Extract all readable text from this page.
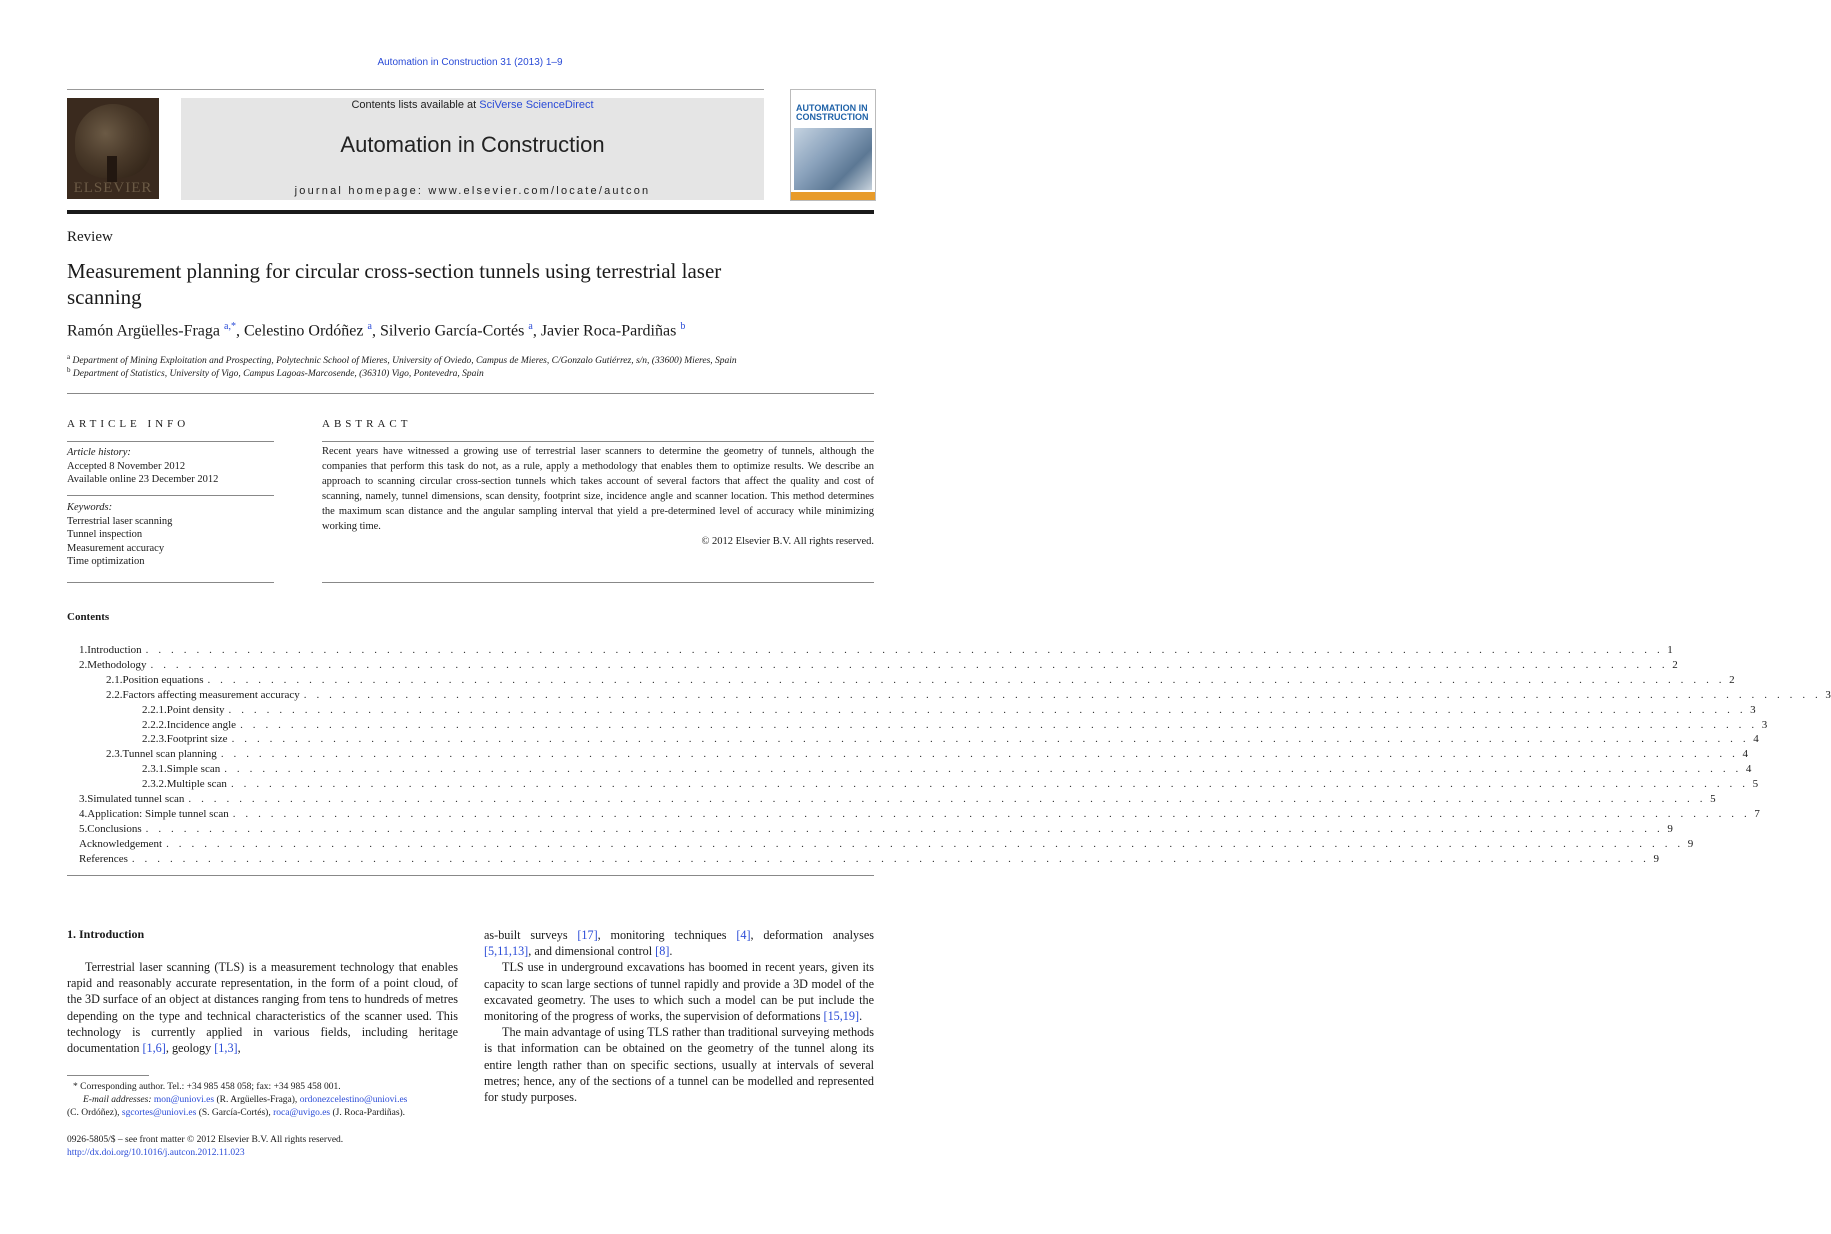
Automation in Construction 31 (2013) 1–9
ELSEVIER
Contents lists available at SciVerse ScienceDirect
Automation in Construction
journal homepage: www.elsevier.com/locate/autcon
AUTOMATION IN
CONSTRUCTION
Review
Measurement planning for circular cross-section tunnels using terrestrial laser scanning
Ramón Argüelles-Fraga $^{a,*}$, Celestino Ordóñez $^a$, Silverio García-Cortés $^a$, Javier Roca-Pardiñas $^b$
$^a$ Department of Mining Exploitation and Prospecting, Polytechnic School of Mieres, University of Oviedo, Campus de Mieres, C/Gonzalo Gutiérrez, s/n, (33600) Mieres, Spain
$^b$ Department of Statistics, University of Vigo, Campus Lagoas-Marcosende, (36310) Vigo, Pontevedra, Spain
ARTICLE INFO
Article history:
Accepted 8 November 2012
Available online 23 December 2012
Keywords:
Terrestrial laser scanning
Tunnel inspection
Measurement accuracy
Time optimization
ABSTRACT

Recent years have witnessed a growing use of terrestrial laser scanners to determine the geometry of tunnels, although the companies that perform this task do not, as a rule, apply a methodology that enables them to optimize results. We describe an approach to scanning circular cross-section tunnels which takes account of several factors that affect the quality and cost of scanning, namely, tunnel dimensions, scan density, footprint size, incidence angle and scanner location. This method determines the maximum scan distance and the angular sampling interval that yield a pre-determined level of accuracy while minimizing working time.

© 2012 Elsevier B.V. All rights reserved.

Contents
1. Introduction . . . . . . . . . . . . . . . . . . . . . . . . . . . . . . . . . . . . . . . . . . . . . . . . . . . . . . . . . . . . . . . . . . . . . . . . . . . . . . . . . . . . . . . . . . . . . . . . . . . . . . . . . . . . . . . . . . . . . . . . 1
2. Methodology . . . . . . . . . . . . . . . . . . . . . . . . . . . . . . . . . . . . . . . . . . . . . . . . . . . . . . . . . . . . . . . . . . . . . . . . . . . . . . . . . . . . . . . . . . . . . . . . . . . . . . . . . . . . . . . . . . . . . . . . 2
2.1. Position equations . . . . . . . . . . . . . . . . . . . . . . . . . . . . . . . . . . . . . . . . . . . . . . . . . . . . . . . . . . . . . . . . . . . . . . . . . . . . . . . . . . . . . . . . . . . . . . . . . . . . . . . . . . . . . . . . . . . . . . . . 2
2.2. Factors affecting measurement accuracy . . . . . . . . . . . . . . . . . . . . . . . . . . . . . . . . . . . . . . . . . . . . . . . . . . . . . . . . . . . . . . . . . . . . . . . . . . . . . . . . . . . . . . . . . . . . . . . . . . . . . . . . . . . . . . . . . . . . . . . . 3
2.2.1. Point density . . . . . . . . . . . . . . . . . . . . . . . . . . . . . . . . . . . . . . . . . . . . . . . . . . . . . . . . . . . . . . . . . . . . . . . . . . . . . . . . . . . . . . . . . . . . . . . . . . . . . . . . . . . . . . . . . . . . . . . . 3
2.2.2. Incidence angle . . . . . . . . . . . . . . . . . . . . . . . . . . . . . . . . . . . . . . . . . . . . . . . . . . . . . . . . . . . . . . . . . . . . . . . . . . . . . . . . . . . . . . . . . . . . . . . . . . . . . . . . . . . . . . . . . . . . . . . . 3
2.2.3. Footprint size . . . . . . . . . . . . . . . . . . . . . . . . . . . . . . . . . . . . . . . . . . . . . . . . . . . . . . . . . . . . . . . . . . . . . . . . . . . . . . . . . . . . . . . . . . . . . . . . . . . . . . . . . . . . . . . . . . . . . . . . 4
2.3. Tunnel scan planning . . . . . . . . . . . . . . . . . . . . . . . . . . . . . . . . . . . . . . . . . . . . . . . . . . . . . . . . . . . . . . . . . . . . . . . . . . . . . . . . . . . . . . . . . . . . . . . . . . . . . . . . . . . . . . . . . . . . . . . . 4
2.3.1. Simple scan . . . . . . . . . . . . . . . . . . . . . . . . . . . . . . . . . . . . . . . . . . . . . . . . . . . . . . . . . . . . . . . . . . . . . . . . . . . . . . . . . . . . . . . . . . . . . . . . . . . . . . . . . . . . . . . . . . . . . . . . 4
2.3.2. Multiple scan . . . . . . . . . . . . . . . . . . . . . . . . . . . . . . . . . . . . . . . . . . . . . . . . . . . . . . . . . . . . . . . . . . . . . . . . . . . . . . . . . . . . . . . . . . . . . . . . . . . . . . . . . . . . . . . . . . . . . . . . 5
3. Simulated tunnel scan . . . . . . . . . . . . . . . . . . . . . . . . . . . . . . . . . . . . . . . . . . . . . . . . . . . . . . . . . . . . . . . . . . . . . . . . . . . . . . . . . . . . . . . . . . . . . . . . . . . . . . . . . . . . . . . . . . . . . . . . 5
4. Application: Simple tunnel scan . . . . . . . . . . . . . . . . . . . . . . . . . . . . . . . . . . . . . . . . . . . . . . . . . . . . . . . . . . . . . . . . . . . . . . . . . . . . . . . . . . . . . . . . . . . . . . . . . . . . . . . . . . . . . . . . . . . . . . . . 7
5. Conclusions . . . . . . . . . . . . . . . . . . . . . . . . . . . . . . . . . . . . . . . . . . . . . . . . . . . . . . . . . . . . . . . . . . . . . . . . . . . . . . . . . . . . . . . . . . . . . . . . . . . . . . . . . . . . . . . . . . . . . . . . 9
Acknowledgement . . . . . . . . . . . . . . . . . . . . . . . . . . . . . . . . . . . . . . . . . . . . . . . . . . . . . . . . . . . . . . . . . . . . . . . . . . . . . . . . . . . . . . . . . . . . . . . . . . . . . . . . . . . . . . . . . . . . . . . . 9
References . . . . . . . . . . . . . . . . . . . . . . . . . . . . . . . . . . . . . . . . . . . . . . . . . . . . . . . . . . . . . . . . . . . . . . . . . . . . . . . . . . . . . . . . . . . . . . . . . . . . . . . . . . . . . . . . . . . . . . . . 9
1. Introduction

Terrestrial laser scanning (TLS) is a measurement technology that enables rapid and reasonably accurate representation, in the form of a point cloud, of the 3D surface of an object at distances ranging from tens to hundreds of metres depending on the type and technical characteristics of the scanner used. This technology is currently applied in various fields, including heritage documentation [1,6], geology [1,3],

as-built surveys [17], monitoring techniques [4], deformation analyses [5,11,13], and dimensional control [8].

TLS use in underground excavations has boomed in recent years, given its capacity to scan large sections of tunnel rapidly and provide a 3D model of the excavated geometry. The uses to which such a model can be put include the monitoring of the progress of works, the supervision of deformations [15,19].

The main advantage of using TLS rather than traditional surveying methods is that information can be obtained on the geometry of the tunnel along its entire length rather than on specific sections, usually at intervals of several metres; hence, any of the sections of a tunnel can be modelled and represented for study purposes.

* Corresponding author. Tel.: +34 985 458 058; fax: +34 985 458 001.
E-mail addresses: mon@uniovi.es (R. Argüelles-Fraga), ordonezcelestino@uniovi.es
(C. Ordóñez), sgcortes@uniovi.es (S. García-Cortés), roca@uvigo.es (J. Roca-Pardiñas).
0926-5805/$ – see front matter © 2012 Elsevier B.V. All rights reserved.
http://dx.doi.org/10.1016/j.autcon.2012.11.023
